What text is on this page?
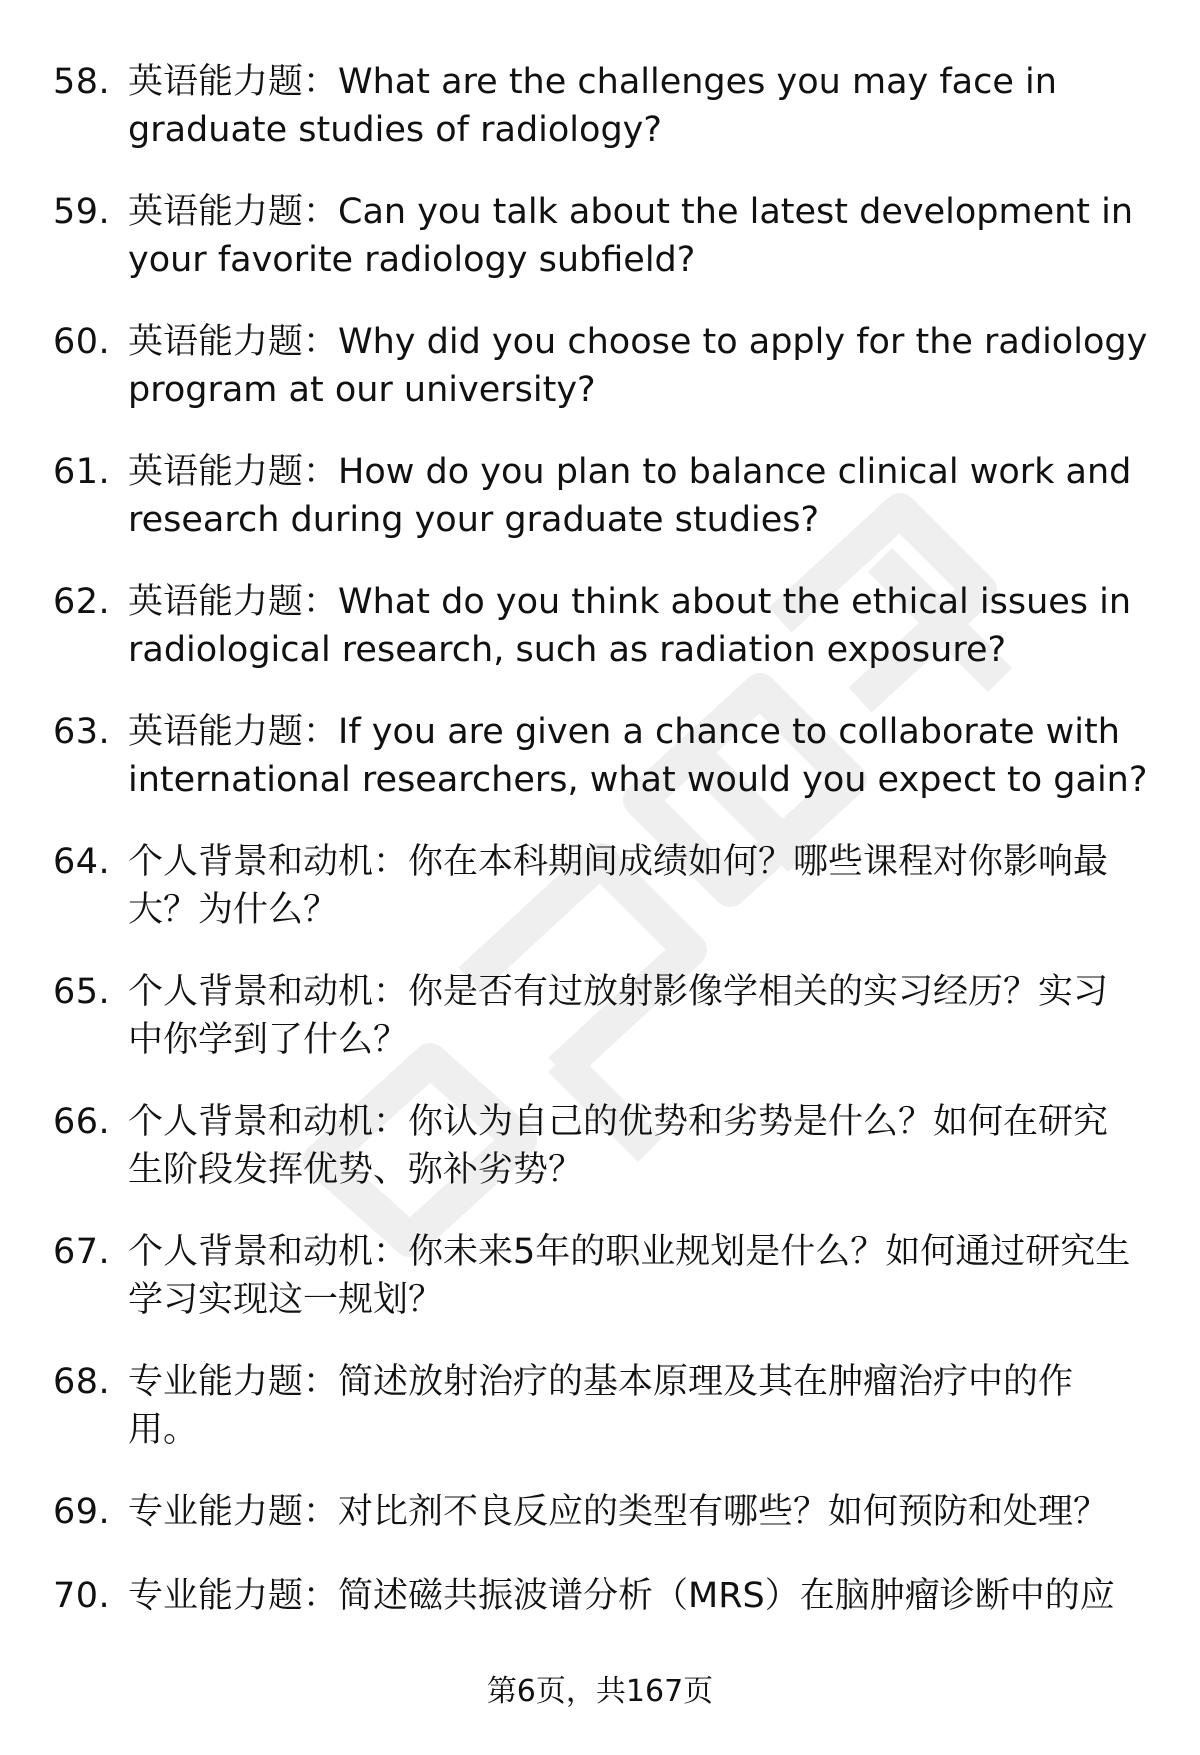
58. 英语能力题：What are the challenges you may face in
graduate studies of radiology?
59. 英语能力题：Can you talk about the latest development in
your favorite radiology subfield?
60. 英语能力题：Why did you choose to apply for the radiology
program at our university?
61. 英语能力题：How do you plan to balance clinical work and
research during your graduate studies?
62. 英语能力题：What do you think about the ethical issues in
radiological research, such as radiation exposure?
63. 英语能力题：If you are given a chance to collaborate with
international researchers, what would you expect to gain?
64. 个人背景和动机：你在本科期间成绩如何？哪些课程对你影响最
大？为什么？
65. 个人背景和动机：你是否有过放射影像学相关的实习经历？实习
中你学到了什么？
66. 个人背景和动机：你认为自己的优势和劣势是什么？如何在研究
生阶段发挥优势、弥补劣势？
67. 个人背景和动机：你未来5年的职业规划是什么？如何通过研究生
学习实现这一规划？
68. 专业能力题：简述放射治疗的基本原理及其在肿瘤治疗中的作
用。
69. 专业能力题：对比剂不良反应的类型有哪些？如何预防和处理？
70. 专业能力题：简述磁共振波谱分析（MRS）在脑肿瘤诊断中的应
第6页，共167页
